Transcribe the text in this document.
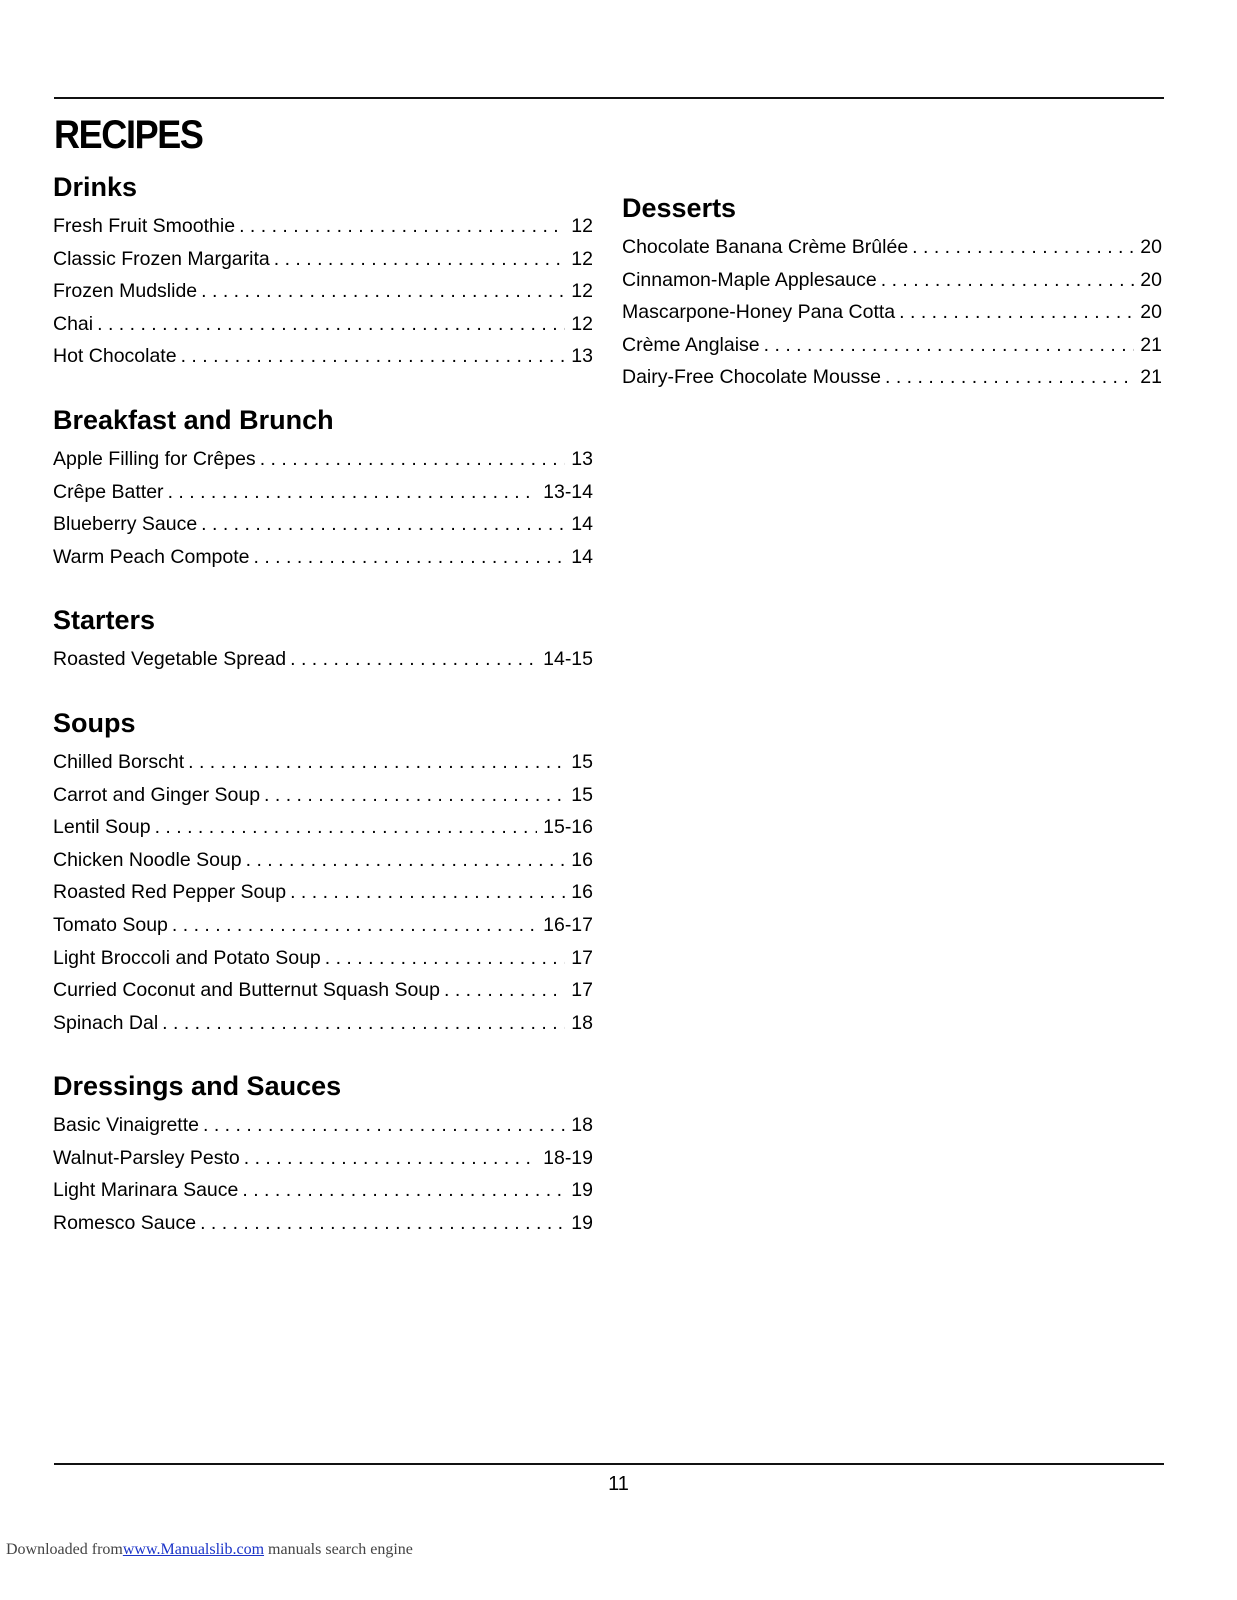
RECIPES
Drinks
Fresh Fruit Smoothie . . .	12
Classic Frozen Margarita . . .	12
Frozen Mudslide . . .	12
Chai . . .	12
Hot Chocolate . . .	13
Breakfast and Brunch
Apple Filling for Crêpes . . .	13
Crêpe Batter . . .	13-14
Blueberry Sauce . . .	14
Warm Peach Compote . . .	14
Starters
Roasted Vegetable Spread . . .	14-15
Soups
Chilled Borscht . . .	15
Carrot and Ginger Soup . . .	15
Lentil Soup . . .	15-16
Chicken Noodle Soup . . .	16
Roasted Red Pepper Soup . . .	16
Tomato Soup . . .	16-17
Light Broccoli and Potato Soup . . .	17
Curried Coconut and Butternut Squash Soup . . .	17
Spinach Dal . . .	18
Dressings and Sauces
Basic Vinaigrette . . .	18
Walnut-Parsley Pesto . . .	18-19
Light Marinara Sauce . . .	19
Romesco Sauce . . .	19
Desserts
Chocolate Banana Crème Brûlée . . .	20
Cinnamon-Maple Applesauce . . .	20
Mascarpone-Honey Pana Cotta . . .	20
Crème Anglaise . . .	21
Dairy-Free Chocolate Mousse . . .	21
11
Downloaded fromwww.Manualslib.com manuals search engine
